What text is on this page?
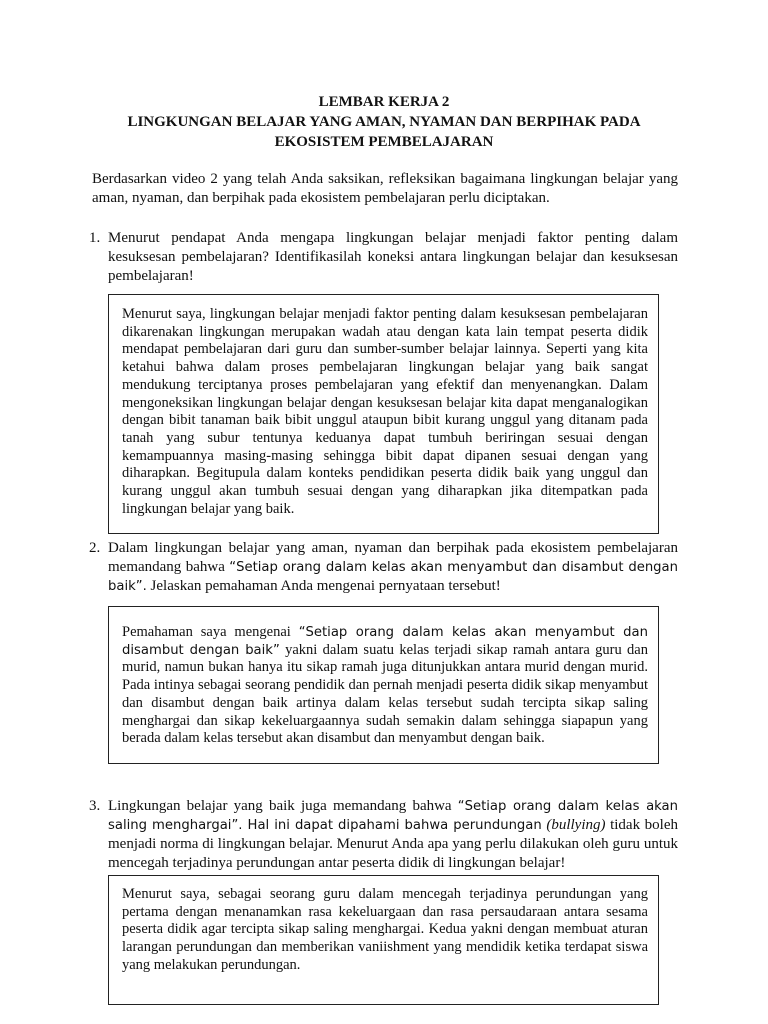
LEMBAR KERJA 2
LINGKUNGAN BELAJAR YANG AMAN, NYAMAN DAN BERPIHAK PADA
EKOSISTEM PEMBELAJARAN
Berdasarkan video 2 yang telah Anda saksikan, refleksikan bagaimana lingkungan belajar yang aman, nyaman, dan berpihak pada ekosistem pembelajaran perlu diciptakan.
1. Menurut pendapat Anda mengapa lingkungan belajar menjadi faktor penting dalam kesuksesan pembelajaran? Identifikasilah koneksi antara lingkungan belajar dan kesuksesan pembelajaran!
Menurut saya, lingkungan belajar menjadi faktor penting dalam kesuksesan pembelajaran dikarenakan lingkungan merupakan wadah atau dengan kata lain tempat peserta didik mendapat pembelajaran dari guru dan sumber-sumber belajar lainnya. Seperti yang kita ketahui bahwa dalam proses pembelajaran lingkungan belajar yang baik sangat mendukung terciptanya proses pembelajaran yang efektif dan menyenangkan. Dalam mengoneksikan lingkungan belajar dengan kesuksesan belajar kita dapat menganalogikan dengan bibit tanaman baik bibit unggul ataupun bibit kurang unggul yang ditanam pada tanah yang subur tentunya keduanya dapat tumbuh beriringan sesuai dengan kemampuannya masing-masing sehingga bibit dapat dipanen sesuai dengan yang diharapkan. Begitupula dalam konteks pendidikan peserta didik baik yang unggul dan kurang unggul akan tumbuh sesuai dengan yang diharapkan jika ditempatkan pada lingkungan belajar yang baik.
2. Dalam lingkungan belajar yang aman, nyaman dan berpihak pada ekosistem pembelajaran memandang bahwa “Setiap orang dalam kelas akan menyambut dan disambut dengan baik”. Jelaskan pemahaman Anda mengenai pernyataan tersebut!
Pemahaman saya mengenai “Setiap orang dalam kelas akan menyambut dan disambut dengan baik” yakni dalam suatu kelas terjadi sikap ramah antara guru dan murid, namun bukan hanya itu sikap ramah juga ditunjukkan antara murid dengan murid. Pada intinya sebagai seorang pendidik dan pernah menjadi peserta didik sikap menyambut dan disambut dengan baik artinya dalam kelas tersebut sudah tercipta sikap saling menghargai dan sikap kekeluargaannya sudah semakin dalam sehingga siapapun yang berada dalam kelas tersebut akan disambut dan menyambut dengan baik.
3. Lingkungan belajar yang baik juga memandang bahwa “Setiap orang dalam kelas akan saling menghargai”. Hal ini dapat dipahami bahwa perundungan (bullying) tidak boleh menjadi norma di lingkungan belajar. Menurut Anda apa yang perlu dilakukan oleh guru untuk mencegah terjadinya perundungan antar peserta didik di lingkungan belajar!
Menurut saya, sebagai seorang guru dalam mencegah terjadinya perundungan yang pertama dengan menanamkan rasa kekeluargaan dan rasa persaudaraan antara sesama peserta didik agar tercipta sikap saling menghargai. Kedua yakni dengan membuat aturan larangan perundungan dan memberikan vaniishment yang mendidik ketika terdapat siswa yang melakukan perundungan.
